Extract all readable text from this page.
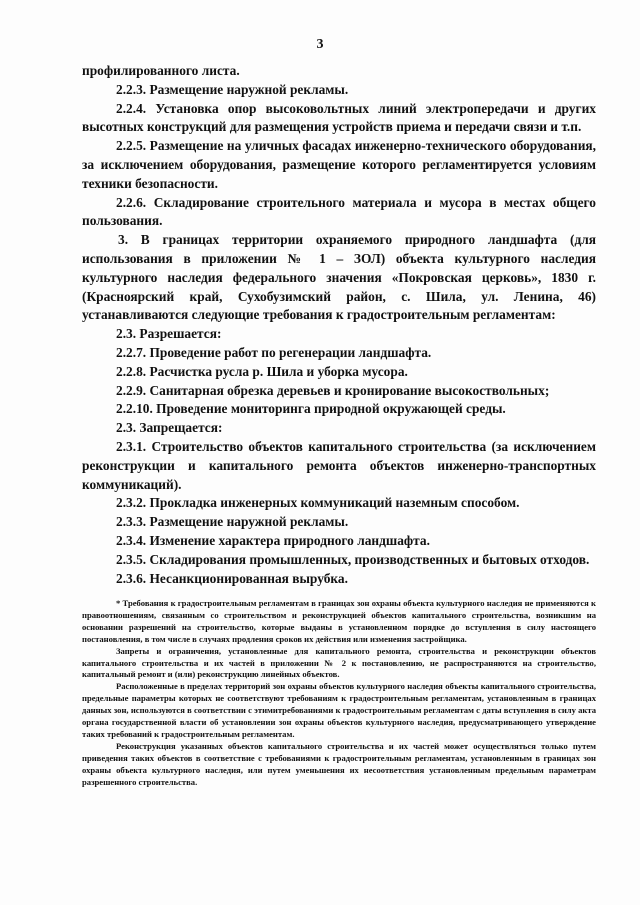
3

профилированного листа.

2.2.3. Размещение наружной рекламы.

2.2.4. Установка опор высоковольтных линий электропередачи и других высотных конструкций для размещения устройств приема и передачи связи и т.п.

2.2.5. Размещение на уличных фасадах инженерно-технического оборудования, за исключением оборудования, размещение которого регламентируется условиям техники безопасности.

2.2.6. Складирование строительного материала и мусора в местах общего пользования.

3. В границах территории охраняемого природного ландшафта (для использования в приложении № 1 – ЗОЛ) объекта культурного наследия культурного наследия федерального значения «Покровская церковь», 1830 г. (Красноярский край, Сухобузимский район, с. Шила, ул. Ленина, 46) устанавливаются следующие требования к градостроительным регламентам:

2.3. Разрешается:

2.2.7. Проведение работ по регенерации ландшафта.

2.2.8. Расчистка русла р. Шила и уборка мусора.

2.2.9. Санитарная обрезка деревьев и кронирование высокоствольных;

2.2.10. Проведение мониторинга природной окружающей среды.

2.3. Запрещается:

2.3.1. Строительство объектов капитального строительства (за исключением реконструкции и капитального ремонта объектов инженерно-транспортных коммуникаций).

2.3.2. Прокладка инженерных коммуникаций наземным способом.

2.3.3. Размещение наружной рекламы.

2.3.4. Изменение характера природного ландшафта.

2.3.5. Складирования промышленных, производственных и бытовых отходов.

2.3.6. Несанкционированная вырубка.

* Требования к градостроительным регламентам в границах зон охраны объекта культурного наследия не применяются к правоотношениям, связанным со строительством и реконструкцией объектов капитального строительства, возникшим на основании разрешений на строительство, которые выданы в установленном порядке до вступления в силу настоящего постановления, в том числе в случаях продления сроков их действия или изменения застройщика.

Запреты и ограничения, установленные для капитального ремонта, строительства и реконструкции объектов капитального строительства и их частей в приложении № 2 к постановлению, не распространяются на строительство, капитальный ремонт и (или) реконструкцию линейных объектов.

Расположенные в пределах территорий зон охраны объектов культурного наследия объекты капитального строительства, предельные параметры которых не соответствуют требованиям к градостроительным регламентам, установленным в границах данных зон, используются в соответствии с этимитребованиями к градостроительным регламентам с даты вступления в силу акта органа государственной власти об установлении зон охраны объектов культурного наследия, предусматривающего утверждение таких требований к градостроительным регламентам.

Реконструкция указанных объектов капитального строительства и их частей может осуществляться только путем приведения таких объектов в соответствие с требованиями к градостроительным регламентам, установленным в границах зон охраны объекта культурного наследия, или путем уменьшения их несоответствия установленным предельным параметрам разрешенного строительства.
